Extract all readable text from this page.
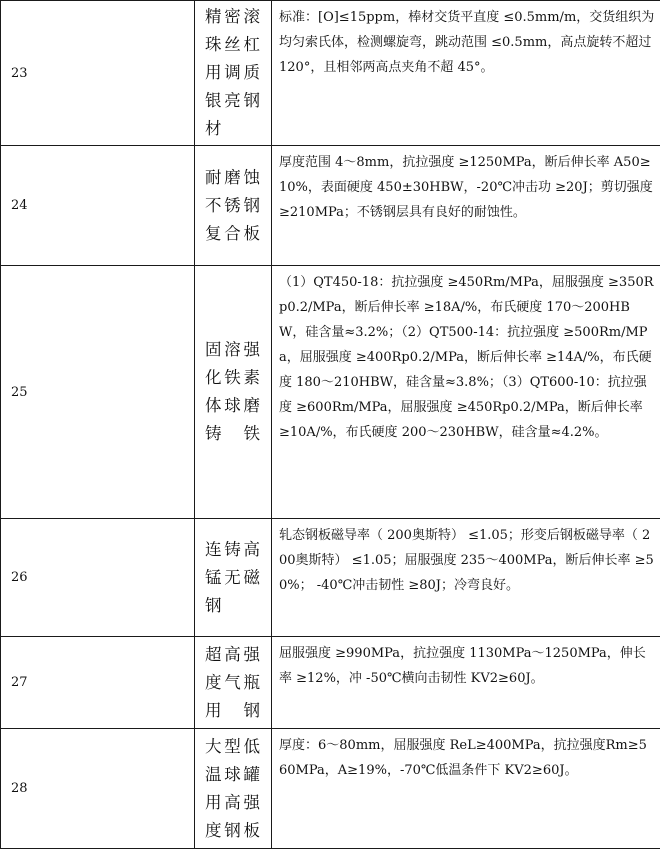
23	精密滚珠丝杠用调质银亮钢材	标准：[O]≤15ppm，棒材交货平直度 ≤0.5mm/m，交货组织为均匀索氏体，检测螺旋弯，跳动范围 ≤0.5mm，高点旋转不超过 120°，且相邻两高点夹角不超 45°。
24	耐磨蚀不锈钢复合板	厚度范围 4～8mm，抗拉强度 ≥1250MPa，断后伸长率 A50≥10%，表面硬度 450±30HBW，-20℃冲击功 ≥20J；剪切强度 ≥210MPa；不锈钢层具有良好的耐蚀性。
25	固溶强化铁素体球磨铸铁	（1）QT450-18：抗拉强度 ≥450Rm/MPa，屈服强度 ≥350Rp0.2/MPa，断后伸长率 ≥18A/%，布氏硬度 170～200HBW，硅含量≈3.2%；（2）QT500-14：抗拉强度 ≥500Rm/MPa，屈服强度 ≥400Rp0.2/MPa，断后伸长率 ≥14A/%，布氏硬度 180～210HBW，硅含量≈3.8%；（3）QT600-10：抗拉强度 ≥600Rm/MPa，屈服强度 ≥450Rp0.2/MPa，断后伸长率 ≥10A/%，布氏硬度 200～230HBW，硅含量≈4.2%。
26	连铸高锰无磁钢	轧态钢板磁导率（ 200奥斯特） ≤1.05；形变后钢板磁导率（ 200奥斯特） ≤1.05；屈服强度 235～400MPa，断后伸长率 ≥50%； -40℃冲击韧性 ≥80J；冷弯良好。
27	超高强度气瓶用钢	屈服强度 ≥990MPa，抗拉强度 1130MPa～1250MPa，伸长率 ≥12%，冲 -50℃横向击韧性 KV2≥60J。
28	大型低温球罐用高强度钢板	厚度：6～80mm，屈服强度 ReL≥400MPa，抗拉强度Rm≥560MPa，A≥19%，-70℃低温条件下 KV2≥60J。
